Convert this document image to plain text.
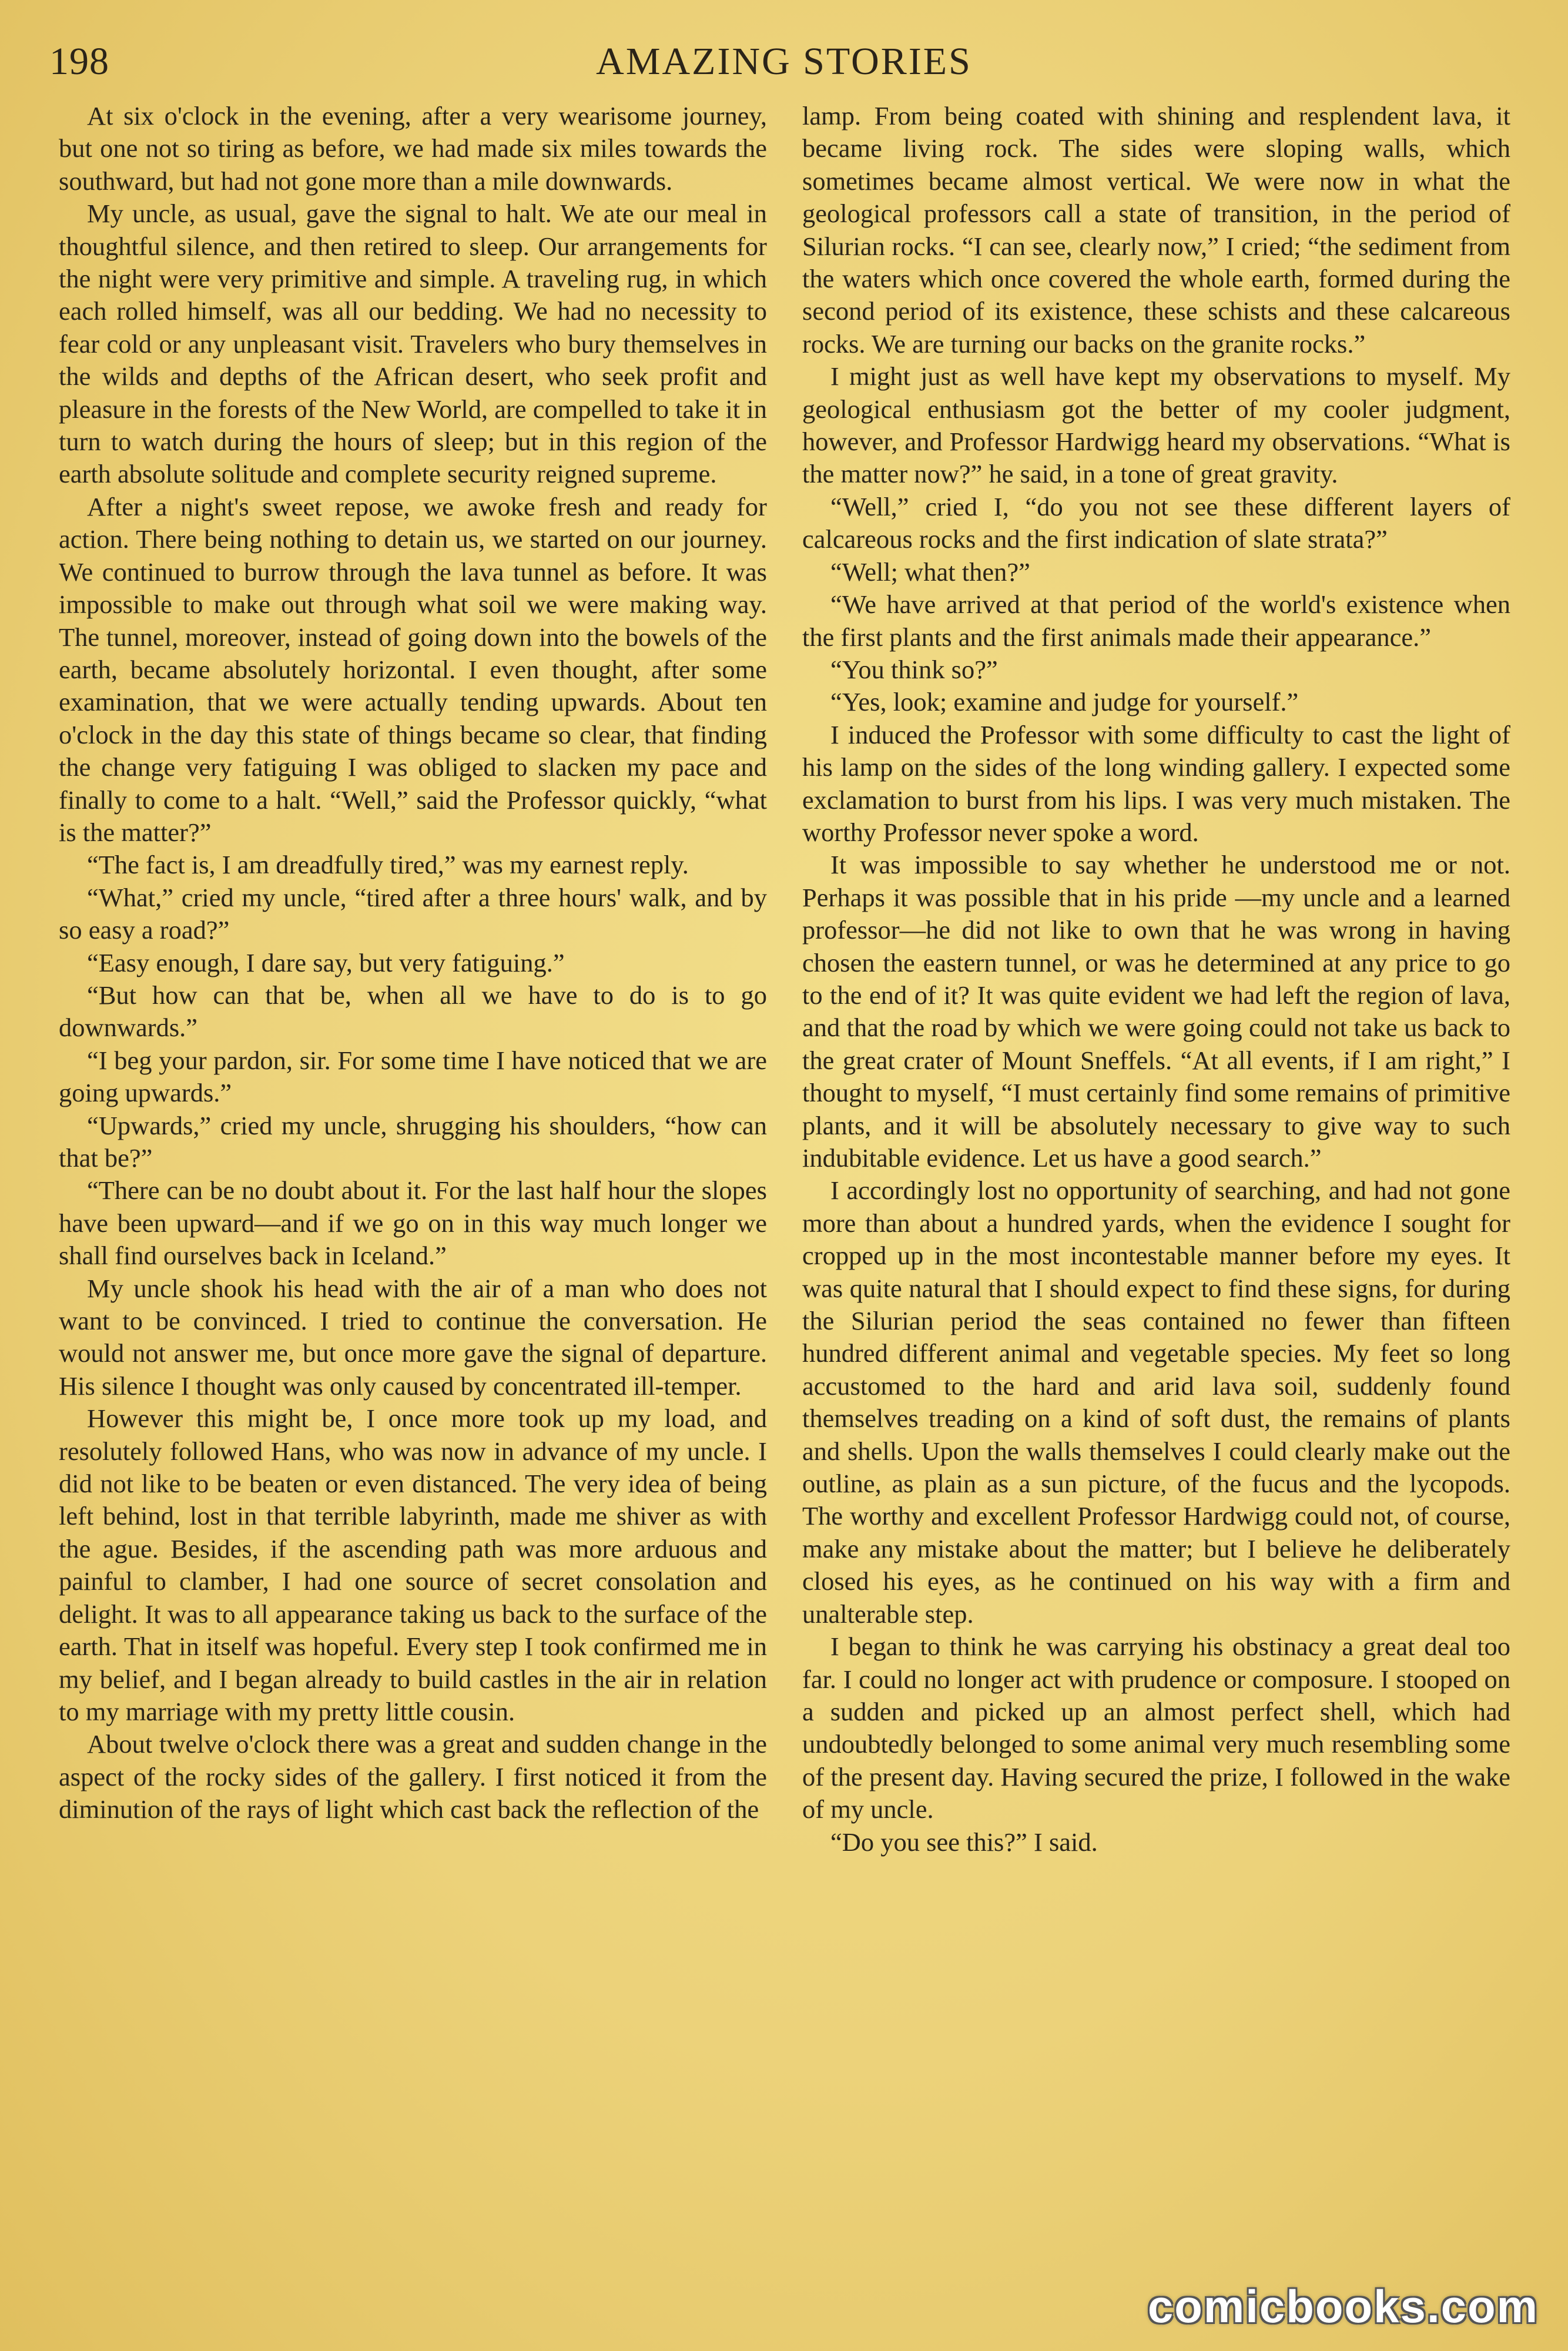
198	AMAZING STORIES

At six o'clock in the evening, after a very wearisome journey, but one not so tiring as before, we had made six miles towards the southward, but had not gone more than a mile downwards.

My uncle, as usual, gave the signal to halt. We ate our meal in thoughtful silence, and then retired to sleep. Our arrangements for the night were very primitive and simple. A traveling rug, in which each rolled himself, was all our bedding. We had no necessity to fear cold or any unpleasant visit. Travelers who bury themselves in the wilds and depths of the African desert, who seek profit and pleasure in the forests of the New World, are compelled to take it in turn to watch during the hours of sleep; but in this region of the earth absolute solitude and complete security reigned supreme.

After a night's sweet repose, we awoke fresh and ready for action. There being nothing to detain us, we started on our journey. We continued to burrow through the lava tunnel as before. It was impossible to make out through what soil we were making way. The tunnel, moreover, instead of going down into the bowels of the earth, became absolutely horizontal. I even thought, after some examination, that we were actually tending upwards. About ten o'clock in the day this state of things became so clear, that finding the change very fatiguing I was obliged to slacken my pace and finally to come to a halt. “Well,” said the Professor quickly, “what is the matter?”

“The fact is, I am dreadfully tired,” was my earnest reply.

“What,” cried my uncle, “tired after a three hours' walk, and by so easy a road?”

“Easy enough, I dare say, but very fatiguing.”

“But how can that be, when all we have to do is to go downwards.”

“I beg your pardon, sir. For some time I have noticed that we are going upwards.”

“Upwards,” cried my uncle, shrugging his shoulders, “how can that be?”

“There can be no doubt about it. For the last half hour the slopes have been upward—and if we go on in this way much longer we shall find ourselves back in Iceland.”

My uncle shook his head with the air of a man who does not want to be convinced. I tried to continue the conversation. He would not answer me, but once more gave the signal of departure. His silence I thought was only caused by concentrated ill-temper.

However this might be, I once more took up my load, and resolutely followed Hans, who was now in advance of my uncle. I did not like to be beaten or even distanced. The very idea of being left behind, lost in that terrible labyrinth, made me shiver as with the ague. Besides, if the ascending path was more arduous and painful to clamber, I had one source of secret consolation and delight. It was to all appearance taking us back to the surface of the earth. That in itself was hopeful. Every step I took confirmed me in my belief, and I began already to build castles in the air in relation to my marriage with my pretty little cousin.

About twelve o'clock there was a great and sudden change in the aspect of the rocky sides of the gallery. I first noticed it from the diminution of the rays of light which cast back the reflection of the

lamp. From being coated with shining and resplendent lava, it became living rock. The sides were sloping walls, which sometimes became almost vertical. We were now in what the geological professors call a state of transition, in the period of Silurian rocks. “I can see, clearly now,” I cried; “the sediment from the waters which once covered the whole earth, formed during the second period of its existence, these schists and these calcareous rocks. We are turning our backs on the granite rocks.”

I might just as well have kept my observations to myself. My geological enthusiasm got the better of my cooler judgment, however, and Professor Hardwigg heard my observations. “What is the matter now?” he said, in a tone of great gravity.

“Well,” cried I, “do you not see these different layers of calcareous rocks and the first indication of slate strata?”

“Well; what then?”

“We have arrived at that period of the world's existence when the first plants and the first animals made their appearance.”

“You think so?”

“Yes, look; examine and judge for yourself.”

I induced the Professor with some difficulty to cast the light of his lamp on the sides of the long winding gallery. I expected some exclamation to burst from his lips. I was very much mistaken. The worthy Professor never spoke a word.

It was impossible to say whether he understood me or not. Perhaps it was possible that in his pride —my uncle and a learned professor—he did not like to own that he was wrong in having chosen the eastern tunnel, or was he determined at any price to go to the end of it? It was quite evident we had left the region of lava, and that the road by which we were going could not take us back to the great crater of Mount Sneffels. “At all events, if I am right,” I thought to myself, “I must certainly find some remains of primitive plants, and it will be absolutely necessary to give way to such indubitable evidence. Let us have a good search.”

I accordingly lost no opportunity of searching, and had not gone more than about a hundred yards, when the evidence I sought for cropped up in the most incontestable manner before my eyes. It was quite natural that I should expect to find these signs, for during the Silurian period the seas contained no fewer than fifteen hundred different animal and vegetable species. My feet so long accustomed to the hard and arid lava soil, suddenly found themselves treading on a kind of soft dust, the remains of plants and shells. Upon the walls themselves I could clearly make out the outline, as plain as a sun picture, of the fucus and the lycopods. The worthy and excellent Professor Hardwigg could not, of course, make any mistake about the matter; but I believe he deliberately closed his eyes, as he continued on his way with a firm and unalterable step.

I began to think he was carrying his obstinacy a great deal too far. I could no longer act with prudence or composure. I stooped on a sudden and picked up an almost perfect shell, which had undoubtedly belonged to some animal very much resembling some of the present day. Having secured the prize, I followed in the wake of my uncle.

“Do you see this?” I said.

comicbooks.com
